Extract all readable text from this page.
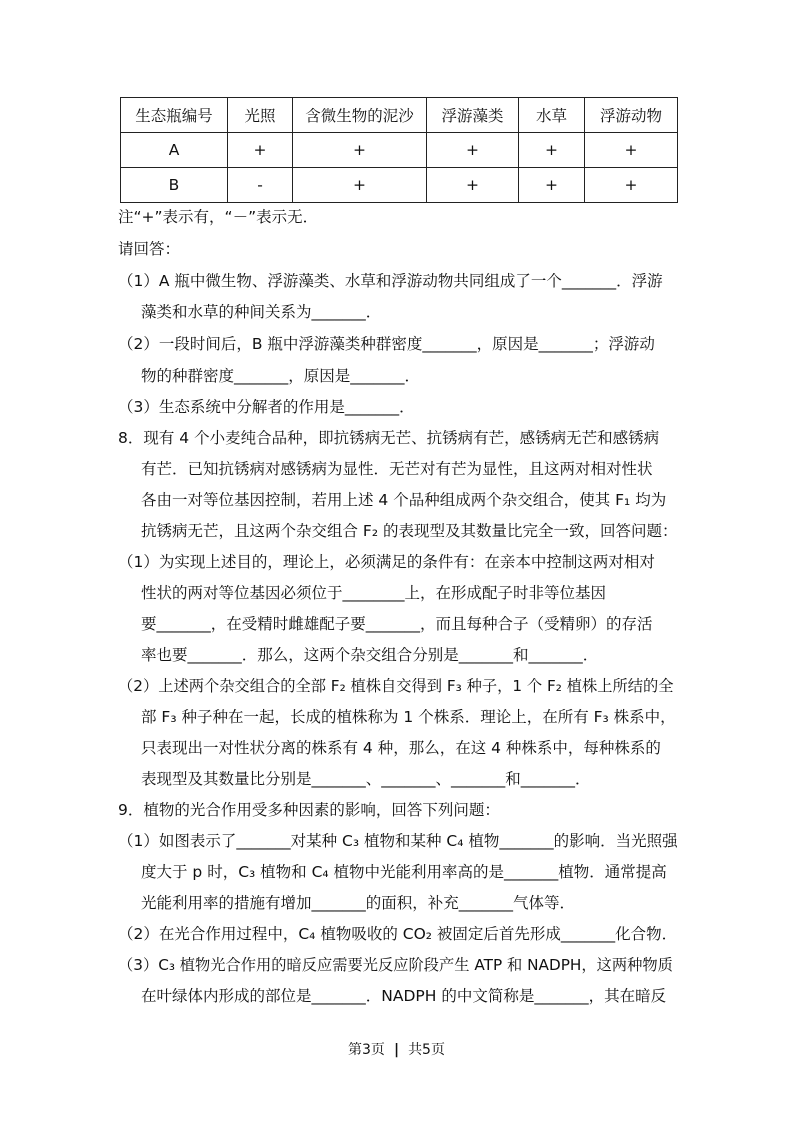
生态瓶编号	光照	含微生物的泥沙	浮游藻类	水草	浮游动物
A	+	+	+	+	+
B	-	+	+	+	+
注“+”表示有，“－”表示无．
请回答：
（1）A 瓶中微生物、浮游藻类、水草和浮游动物共同组成了一个_______．浮游
藻类和水草的种间关系为_______．
（2）一段时间后，B 瓶中浮游藻类种群密度_______，原因是_______；浮游动
物的种群密度_______，原因是_______．
（3）生态系统中分解者的作用是_______．
8．现有 4 个小麦纯合品种，即抗锈病无芒、抗锈病有芒，感锈病无芒和感锈病
有芒．已知抗锈病对感锈病为显性．无芒对有芒为显性，且这两对相对性状
各由一对等位基因控制，若用上述 4 个品种组成两个杂交组合，使其 F₁ 均为
抗锈病无芒，且这两个杂交组合 F₂ 的表现型及其数量比完全一致，回答问题：
（1）为实现上述目的，理论上，必须满足的条件有：在亲本中控制这两对相对
性状的两对等位基因必须位于________上，在形成配子时非等位基因
要_______，在受精时雌雄配子要_______，而且每种合子（受精卵）的存活
率也要_______．那么，这两个杂交组合分别是_______和_______．
（2）上述两个杂交组合的全部 F₂ 植株自交得到 F₃ 种子，1 个 F₂ 植株上所结的全
部 F₃ 种子种在一起，长成的植株称为 1 个株系．理论上，在所有 F₃ 株系中，
只表现出一对性状分离的株系有 4 种，那么，在这 4 种株系中，每种株系的
表现型及其数量比分别是_______、_______、_______和_______．
9．植物的光合作用受多种因素的影响，回答下列问题：
（1）如图表示了_______对某种 C₃ 植物和某种 C₄ 植物_______的影响．当光照强
度大于 p 时，C₃ 植物和 C₄ 植物中光能利用率高的是_______植物．通常提高
光能利用率的措施有增加_______的面积，补充_______气体等．
（2）在光合作用过程中，C₄ 植物吸收的 CO₂ 被固定后首先形成_______化合物．
（3）C₃ 植物光合作用的暗反应需要光反应阶段产生 ATP 和 NADPH，这两种物质
在叶绿体内形成的部位是_______．NADPH 的中文简称是_______，其在暗反
第3页 | 共5页
